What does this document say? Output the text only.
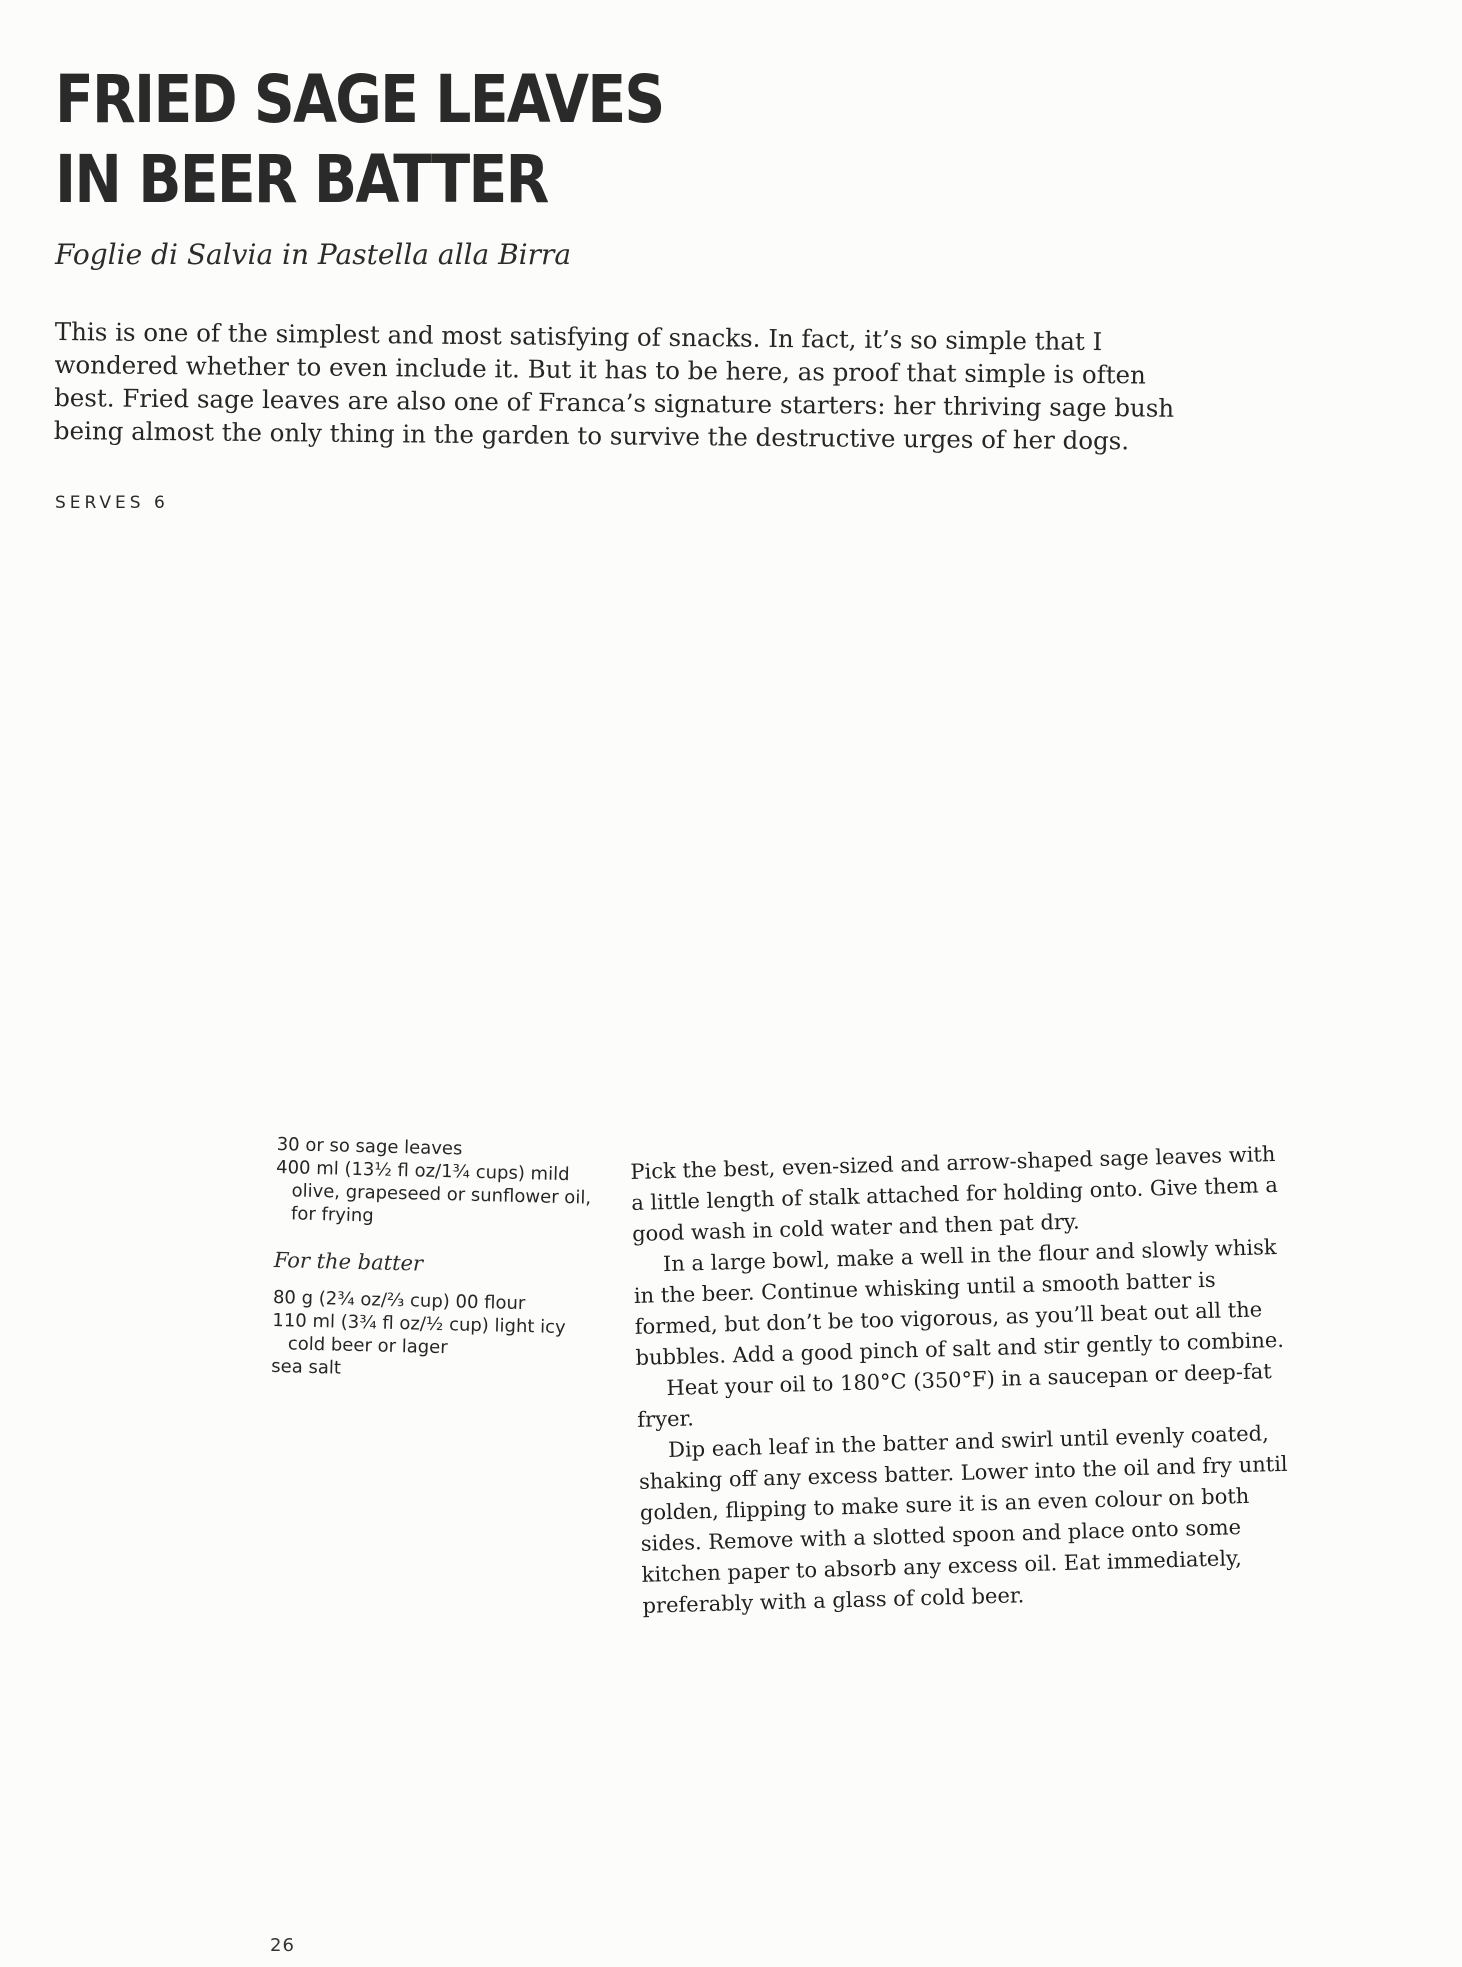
FRIED SAGE LEAVES
IN BEER BATTER

Foglie di Salvia in Pastella alla Birra

This is one of the simplest and most satisfying of snacks. In fact, it’s so simple that I wondered whether to even include it. But it has to be here, as proof that simple is often best. Fried sage leaves are also one of Franca’s signature starters: her thriving sage bush being almost the only thing in the garden to survive the destructive urges of her dogs.

SERVES 6

30 or so sage leaves

400 ml (13½ fl oz/1¾ cups) mild olive, grapeseed or sunflower oil, for frying

For the batter

80 g (2¾ oz/⅔ cup) 00 flour

110 ml (3¾ fl oz/½ cup) light icy cold beer or lager

sea salt

Pick the best, even-sized and arrow-shaped sage leaves with a little length of stalk attached for holding onto. Give them a good wash in cold water and then pat dry.

In a large bowl, make a well in the flour and slowly whisk in the beer. Continue whisking until a smooth batter is formed, but don’t be too vigorous, as you’ll beat out all the bubbles. Add a good pinch of salt and stir gently to combine.

Heat your oil to 180°C (350°F) in a saucepan or deep-fat fryer.

Dip each leaf in the batter and swirl until evenly coated, shaking off any excess batter. Lower into the oil and fry until golden, flipping to make sure it is an even colour on both sides. Remove with a slotted spoon and place onto some kitchen paper to absorb any excess oil. Eat immediately, preferably with a glass of cold beer.

26
